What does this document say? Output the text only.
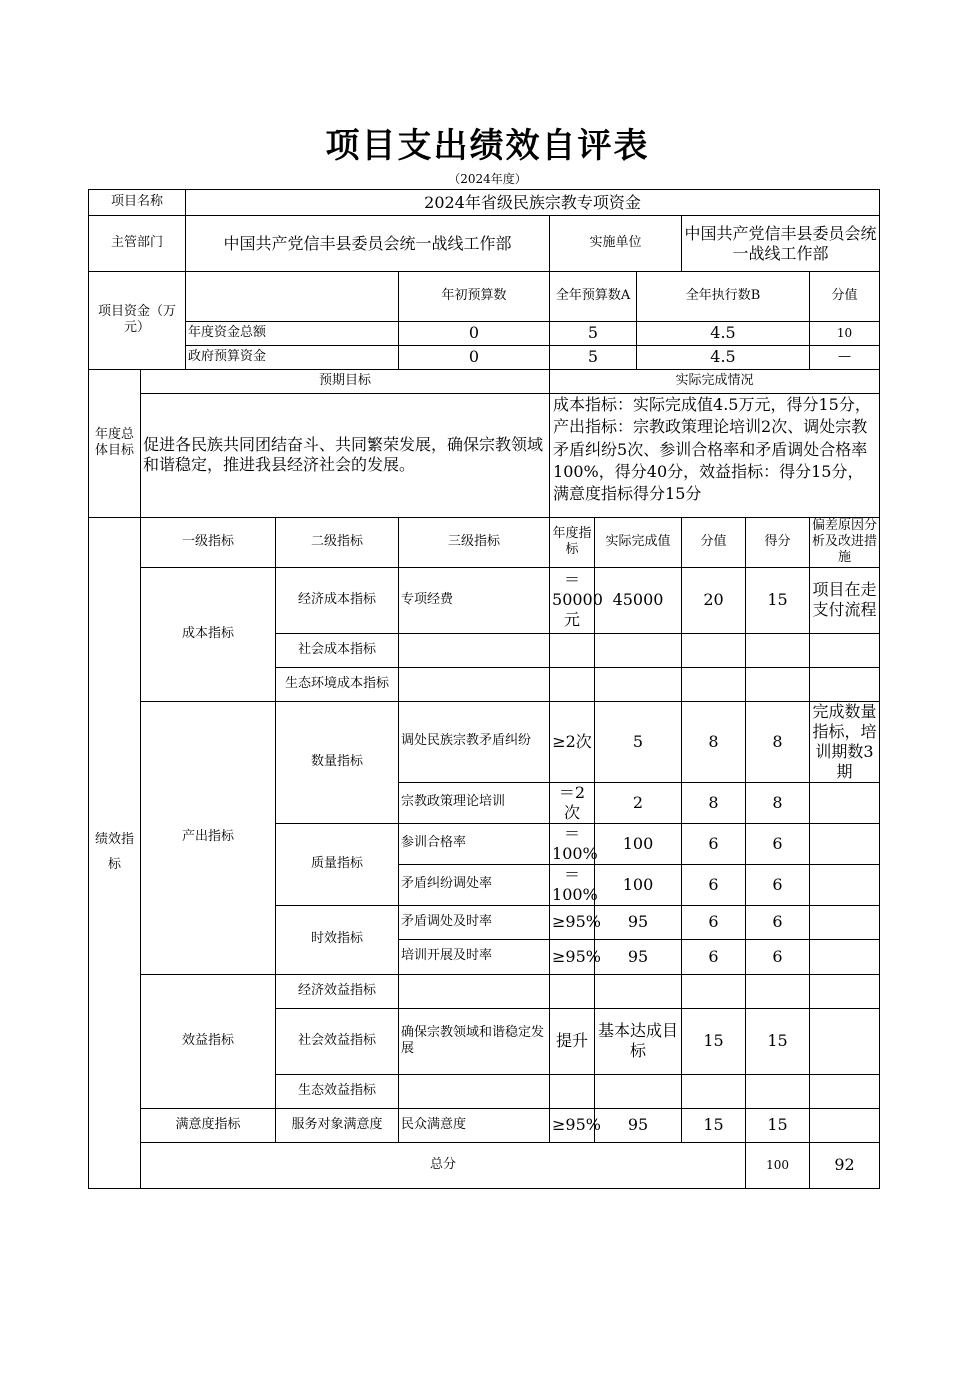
项目支出绩效自评表
（2024年度）
项目名称		2024年省级民族宗教专项资金									
主管部门		中国共产党信丰县委员会统一战线工作部			实施单位			中国共产党信丰县委员会统一战线工作部			
项目资金（万元）				年初预算数	全年预算数A		全年执行数B			分值		
		年度资金总额		0	5		4.5			10		
		政府预算资金		0	5		4.5			—		
年度总体目标	预期目标				实际完成情况						
	促进各民族共同团结奋斗、共同繁荣发展，确保宗教领域和谐稳定，推进我县经济社会的发展。				成本指标：实际完成值4.5万元，得分15分，产出指标：宗教政策理论培训2次、调处宗教矛盾纠纷5次、参训合格率和矛盾调处合格率100%，得分40分，效益指标：得分15分，满意度指标得分15分						

绩效指标	一级指标		二级指标	三级指标	年度指标	实际完成值		分值	得分	偏差原因分析及改进措施	
	成本指标		经济成本指标	专项经费	＝50000元	45000		20	15	项目在走支付流程	
			社会成本指标								
			生态环境成本指标								
	产出指标		数量指标	调处民族宗教矛盾纠纷	≥2次	5		8	8	完成数量指标，培训期数3期	
				宗教政策理论培训	＝2次	2		8	8		
			质量指标	参训合格率	＝100%	100		6	6		
				矛盾纠纷调处率	＝100%	100		6	6		
			时效指标	矛盾调处及时率	≥95%	95		6	6		
				培训开展及时率	≥95%	95		6	6		
	效益指标		经济效益指标								
			社会效益指标	确保宗教领域和谐稳定发展	提升	基本达成目标		15	15		
			生态效益指标								
	满意度指标		服务对象满意度	民众满意度	≥95%	95		15	15		
	总分								100	92	
